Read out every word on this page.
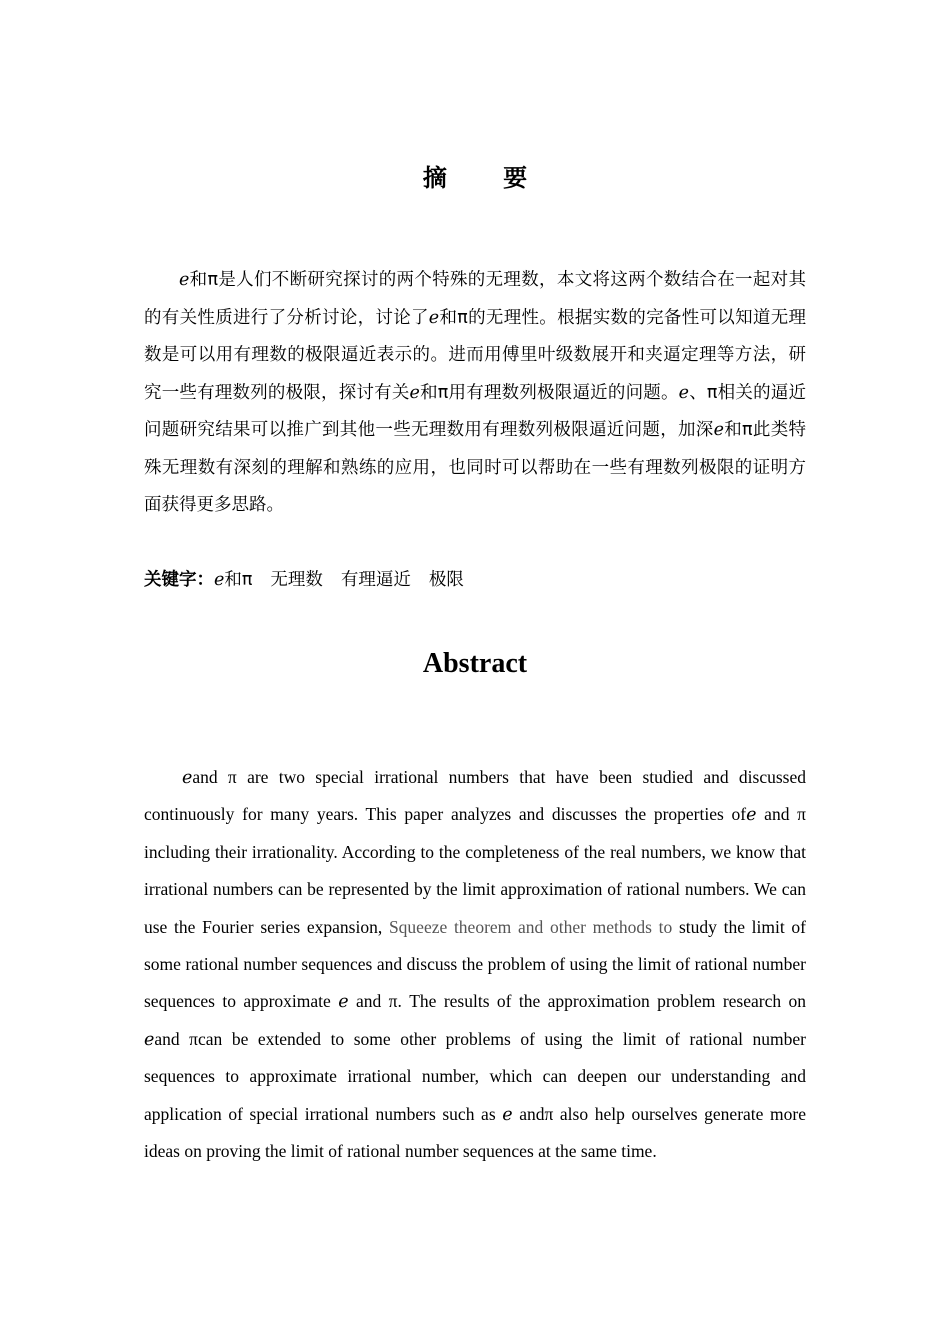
摘 要

ℯ和π是人们不断研究探讨的两个特殊的无理数，本文将这两个数结合在一起对其的有关性质进行了分析讨论，讨论了ℯ和π的无理性。根据实数的完备性可以知道无理数是可以用有理数的极限逼近表示的。进而用傅里叶级数展开和夹逼定理等方法，研究一些有理数列的极限，探讨有关ℯ和π用有理数列极限逼近的问题。ℯ、π相关的逼近问题研究结果可以推广到其他一些无理数用有理数列极限逼近问题，加深ℯ和π此类特殊无理数有深刻的理解和熟练的应用，也同时可以帮助在一些有理数列极限的证明方面获得更多思路。

关键字：ℯ和π 无理数 有理逼近 极限
Abstract

ℯand π are two special irrational numbers that have been studied and discussed continuously for many years. This paper analyzes and discusses the properties ofℯ and π including their irrationality. According to the completeness of the real numbers, we know that irrational numbers can be represented by the limit approximation of rational numbers. We can use the Fourier series expansion, Squeeze theorem and other methods to study the limit of some rational number sequences and discuss the problem of using the limit of rational number sequences to approximate ℯ and π. The results of the approximation problem research on ℯand πcan be extended to some other problems of using the limit of rational number sequences to approximate irrational number, which can deepen our understanding and application of special irrational numbers such as ℯ andπ also help ourselves generate more ideas on proving the limit of rational number sequences at the same time.
